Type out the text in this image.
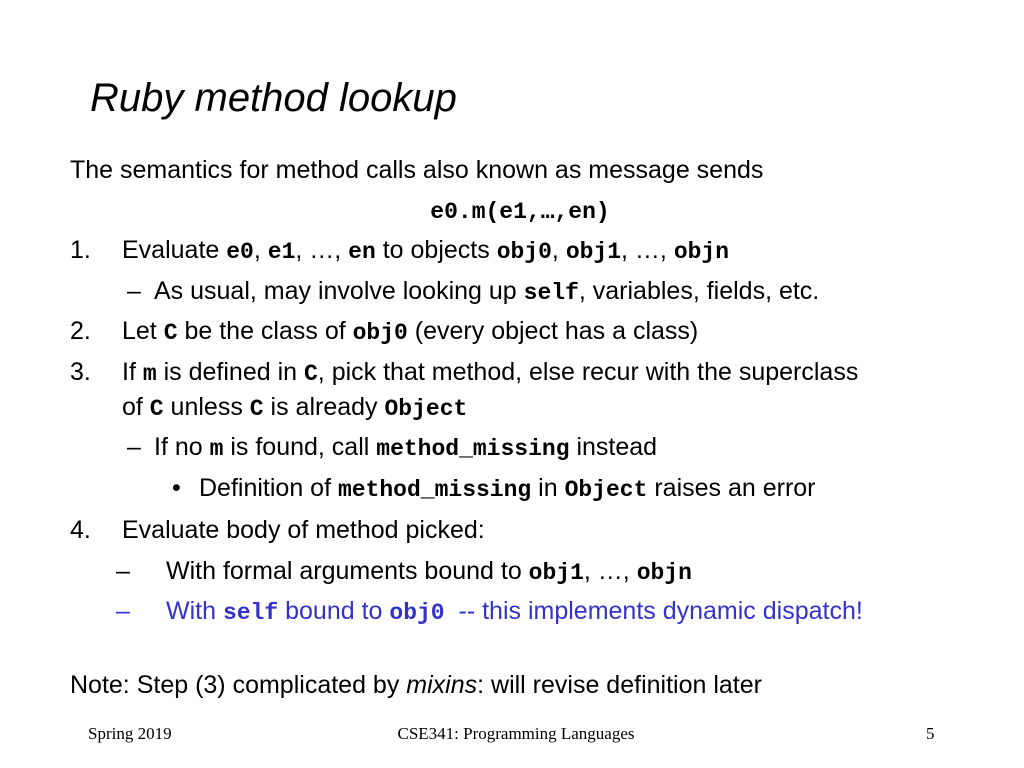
Ruby method lookup
The semantics for method calls also known as message sends
e0.m(e1,…,en)
1. Evaluate e0, e1, …, en to objects obj0, obj1, …, objn
– As usual, may involve looking up self, variables, fields, etc.
2. Let C be the class of obj0 (every object has a class)
3. If m is defined in C, pick that method, else recur with the superclass
of C unless C is already Object
– If no m is found, call method_missing instead
• Definition of method_missing in Object raises an error
4. Evaluate body of method picked:
– With formal arguments bound to obj1, …, objn
– With self bound to obj0  -- this implements dynamic dispatch!
Note: Step (3) complicated by mixins: will revise definition later
Spring 2019	CSE341: Programming Languages	5
